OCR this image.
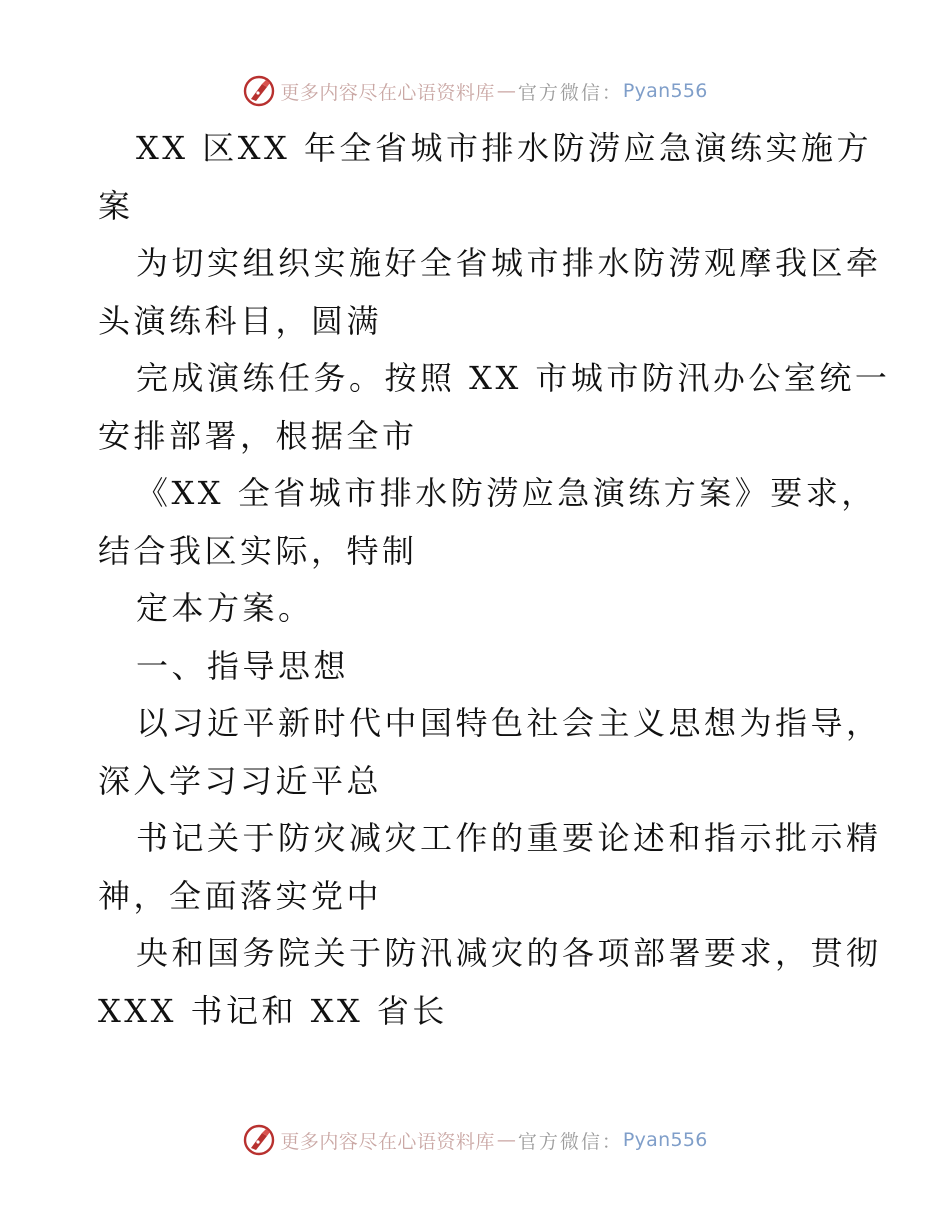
更多内容尽在心语资料库 — 官方微信： Pyan556
XX 区XX 年全省城市排水防涝应急演练实施方
案
为切实组织实施好全省城市排水防涝观摩我区牵
头演练科目，圆满
完成演练任务。按照 XX 市城市防汛办公室统一
安排部署，根据全市
《XX 全省城市排水防涝应急演练方案》要求，
结合我区实际，特制
定本方案。
一、指导思想
以习近平新时代中国特色社会主义思想为指导，
深入学习习近平总
书记关于防灾减灾工作的重要论述和指示批示精
神，全面落实党中
央和国务院关于防汛减灾的各项部署要求，贯彻
XXX 书记和 XX 省长
更多内容尽在心语资料库 — 官方微信： Pyan556
